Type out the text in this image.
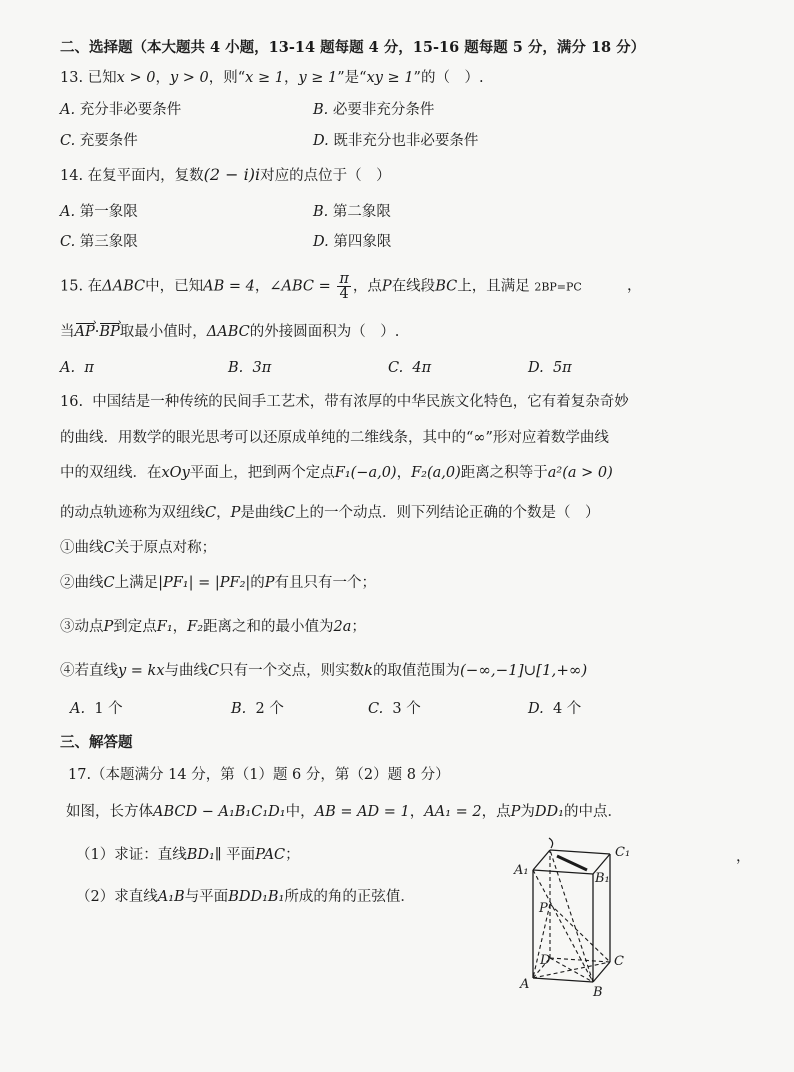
二、选择题（本大题共 4 小题，13-14 题每题 4 分，15-16 题每题 5 分，满分 18 分）
13. 已知x > 0，y > 0，则“x ≥ 1，y ≥ 1”是“xy ≥ 1”的（　）.
A. 充分非必要条件	B. 必要非充分条件
C. 充要条件	D. 既非充分也非必要条件
14. 在复平面内，复数(2 − i)i对应的点位于（　）
A. 第一象限	B. 第二象限
C. 第三象限	D. 第四象限
15. 在ΔABC中，已知AB = 4，∠ABC = $\frac{\pi}{4}$ ，点P在线段BC上，且满足 2BP=PC	，
当AP ›·BP ›取最小值时，ΔABC的外接圆面积为（　）.
A. π	B. 3π	C. 4π	D. 5π
16. 中国结是一种传统的民间手工艺术，带有浓厚的中华民族文化特色，它有着复杂奇妙
的曲线．用数学的眼光思考可以还原成单纯的二维线条，其中的“∞”形对应着数学曲线
中的双纽线．在xOy平面上，把到两个定点F₁(−a,0)，F₂(a,0)距离之积等于a²(a > 0)
的动点轨迹称为双纽线C，P是曲线C上的一个动点．则下列结论正确的个数是（　）
①曲线C关于原点对称；
②曲线C上满足|PF₁| = |PF₂|的P有且只有一个；
③动点P到定点F₁，F₂距离之和的最小值为2a；
④若直线y = kx与曲线C只有一个交点，则实数k的取值范围为(−∞,−1]∪[1,+∞)
A. 1 个	B. 2 个	C. 3 个	D. 4 个
三、解答题
17.（本题满分 14 分，第（1）题 6 分，第（2）题 8 分）
如图，长方体ABCD − A₁B₁C₁D₁中，AB = AD = 1，AA₁ = 2，点P为DD₁的中点．
（1）求证：直线BD₁∥ 平面PAC；	，
（2）求直线A₁B与平面BDD₁B₁所成的角的正弦值．
A₁
B₁
C₁
P
D	C
A
B
